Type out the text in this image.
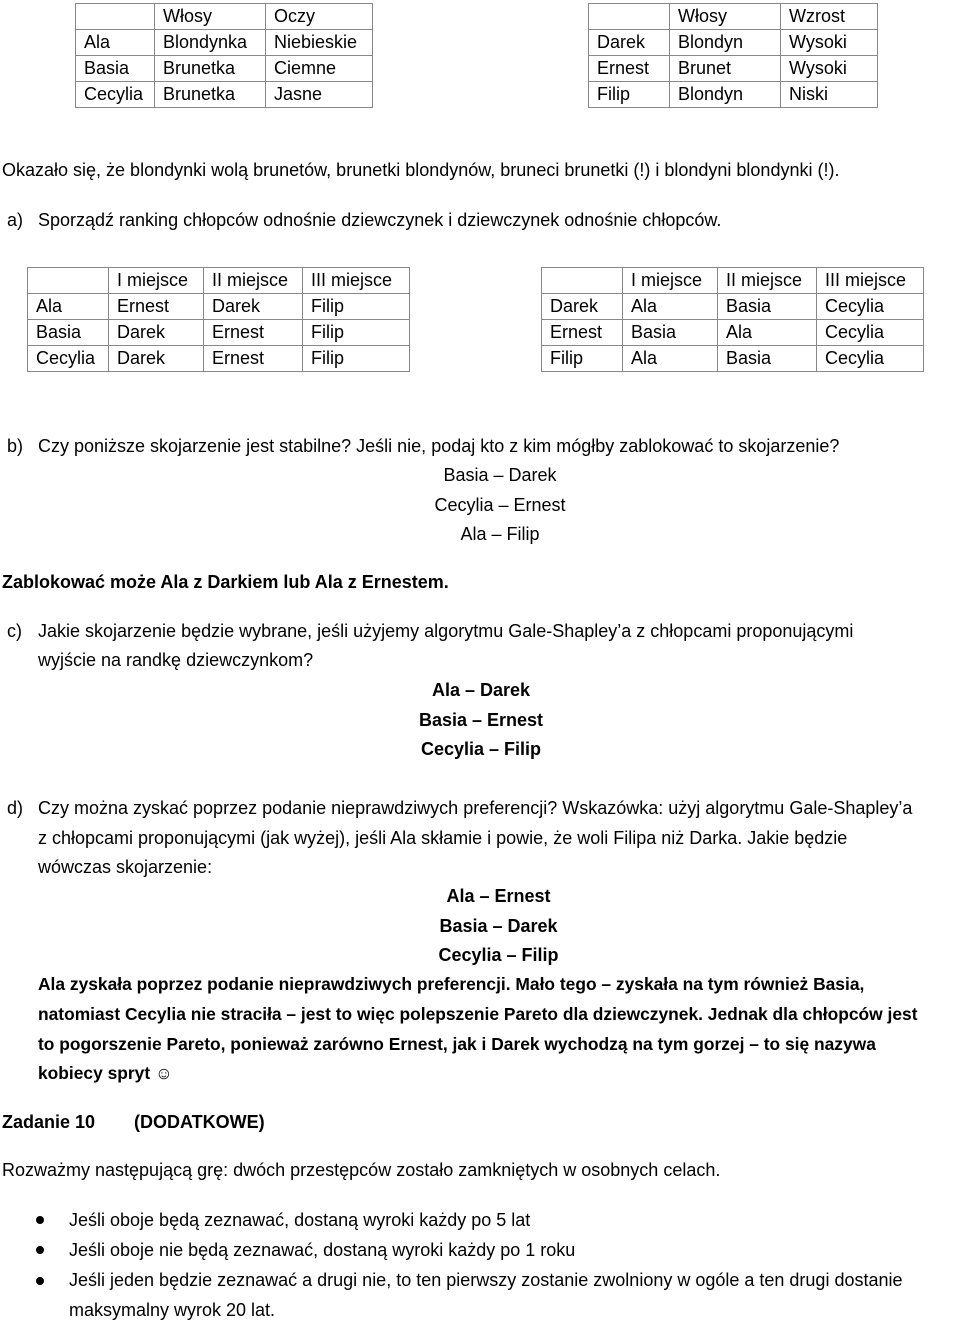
	Włosy	Oczy
Ala	Blondynka	Niebieskie
Basia	Brunetka	Ciemne
Cecylia	Brunetka	Jasne
	Włosy	Wzrost
Darek	Blondyn	Wysoki
Ernest	Brunet	Wysoki
Filip	Blondyn	Niski
Okazało się, że blondynki wolą brunetów, brunetki blondynów, bruneci brunetki (!) i blondyni blondynki (!).
a) Sporządź ranking chłopców odnośnie dziewczynek i dziewczynek odnośnie chłopców.
	I miejsce	II miejsce	III miejsce
Ala	Ernest	Darek	Filip
Basia	Darek	Ernest	Filip
Cecylia	Darek	Ernest	Filip
	I miejsce	II miejsce	III miejsce
Darek	Ala	Basia	Cecylia
Ernest	Basia	Ala	Cecylia
Filip	Ala	Basia	Cecylia
b) Czy poniższe skojarzenie jest stabilne? Jeśli nie, podaj kto z kim mógłby zablokować to skojarzenie?
Basia – Darek
Cecylia – Ernest
Ala – Filip
Zablokować może Ala z Darkiem lub Ala z Ernestem.
c) Jakie skojarzenie będzie wybrane, jeśli użyjemy algorytmu Gale-Shapley’a z chłopcami proponującymi
wyjście na randkę dziewczynkom?
Ala – Darek
Basia – Ernest
Cecylia – Filip
d) Czy można zyskać poprzez podanie nieprawdziwych preferencji? Wskazówka: użyj algorytmu Gale-Shapley’a
z chłopcami proponującymi (jak wyżej), jeśli Ala skłamie i powie, że woli Filipa niż Darka. Jakie będzie
wówczas skojarzenie:
Ala – Ernest
Basia – Darek
Cecylia – Filip
Ala zyskała poprzez podanie nieprawdziwych preferencji. Mało tego – zyskała na tym również Basia,
natomiast Cecylia nie straciła – jest to więc polepszenie Pareto dla dziewczynek. Jednak dla chłopców jest
to pogorszenie Pareto, ponieważ zarówno Ernest, jak i Darek wychodzą na tym gorzej – to się nazywa
kobiecy spryt ☺
Zadanie 10 (DODATKOWE)
Rozważmy następującą grę: dwóch przestępców zostało zamkniętych w osobnych celach.
Jeśli oboje będą zeznawać, dostaną wyroki każdy po 5 lat
Jeśli oboje nie będą zeznawać, dostaną wyroki każdy po 1 roku
Jeśli jeden będzie zeznawać a drugi nie, to ten pierwszy zostanie zwolniony w ogóle a ten drugi dostanie
maksymalny wyrok 20 lat.
